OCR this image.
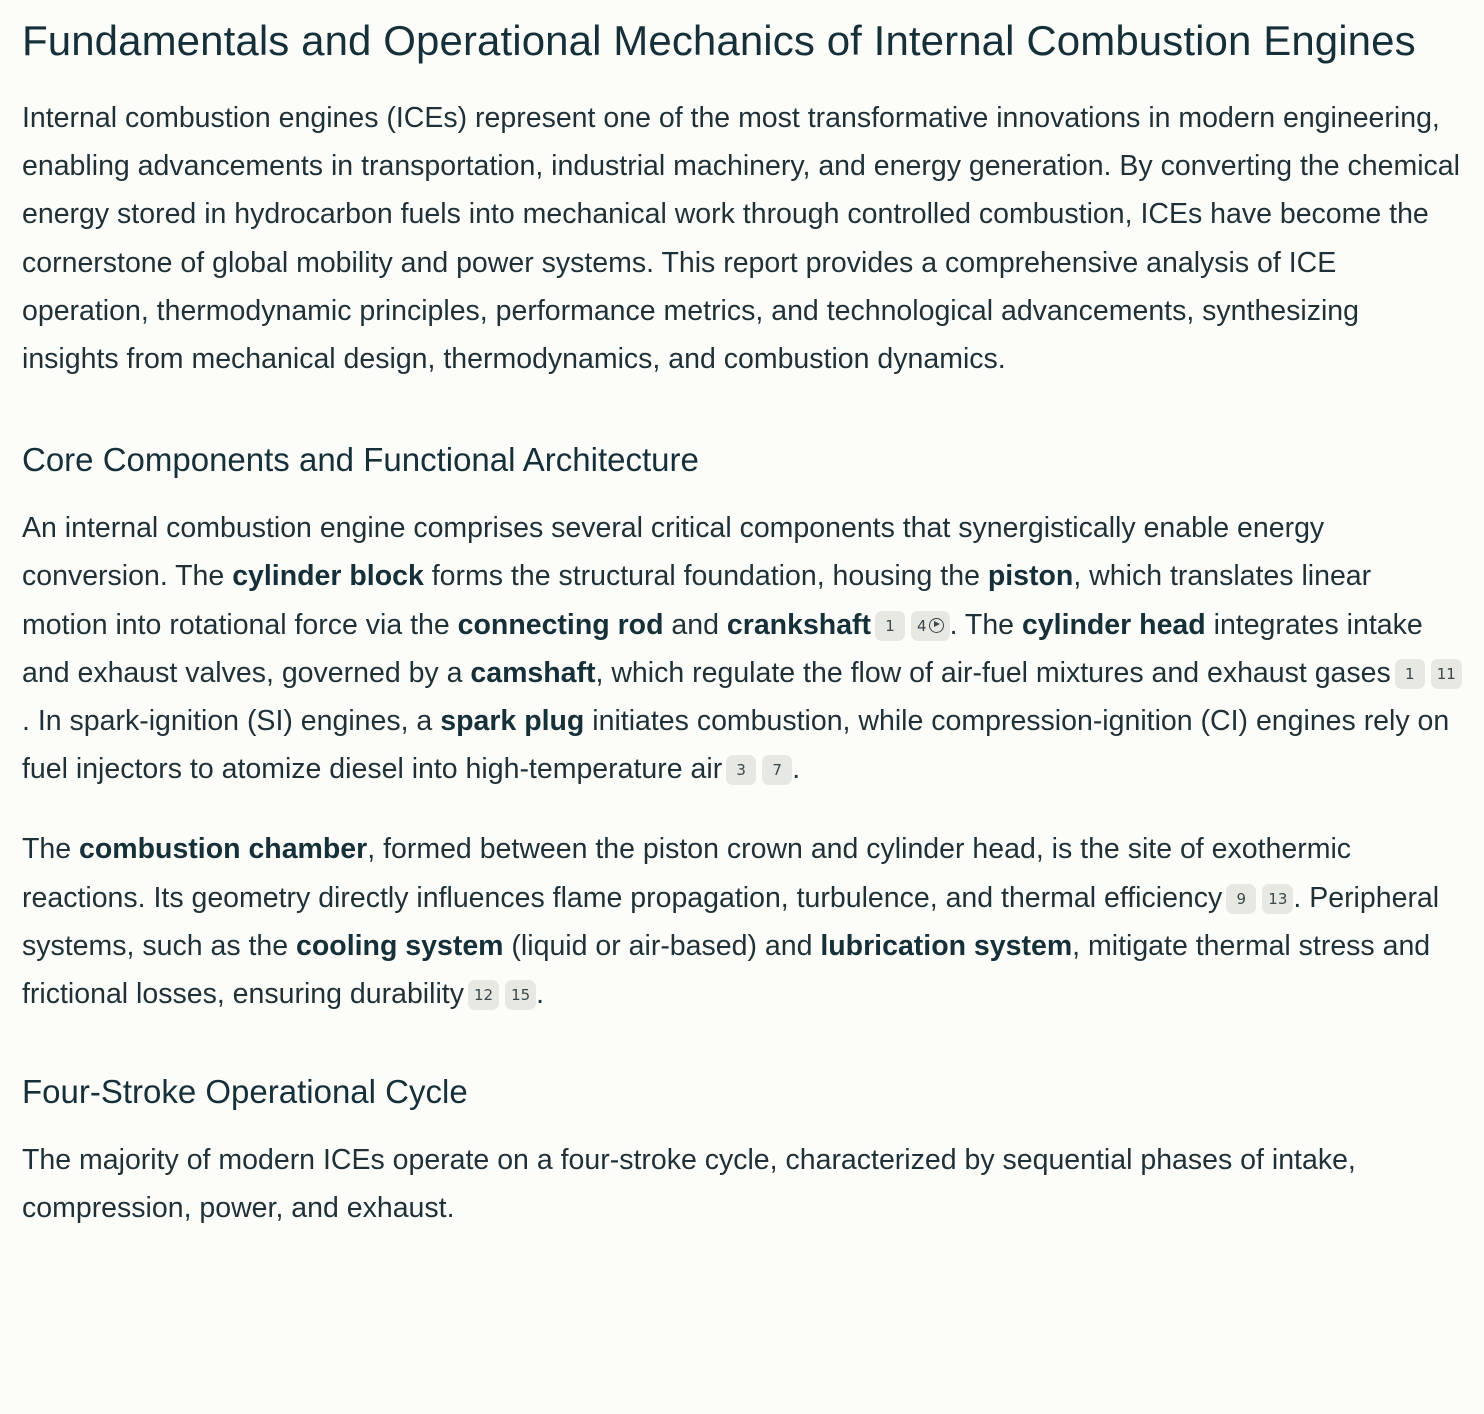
Fundamentals and Operational Mechanics of Internal Combustion Engines

Internal combustion engines (ICEs) represent one of the most transformative innovations in modern engineering, enabling advancements in transportation, industrial machinery, and energy generation. By converting the chemical energy stored in hydrocarbon fuels into mechanical work through controlled combustion, ICEs have become the cornerstone of global mobility and power systems. This report provides a comprehensive analysis of ICE operation, thermodynamic principles, performance metrics, and technological advancements, synthesizing insights from mechanical design, thermodynamics, and combustion dynamics.

Core Components and Functional Architecture

An internal combustion engine comprises several critical components that synergistically enable energy conversion. The cylinder block forms the structural foundation, housing the piston, which translates linear motion into rotational force via the connecting rod and crankshaft 1 4 . The cylinder head integrates intake and exhaust valves, governed by a camshaft, which regulate the flow of air-fuel mixtures and exhaust gases 1 11. In spark-ignition (SI) engines, a spark plug initiates combustion, while compression-ignition (CI) engines rely on fuel injectors to atomize diesel into high-temperature air 3 7 .

The combustion chamber, formed between the piston crown and cylinder head, is the site of exothermic reactions. Its geometry directly influences flame propagation, turbulence, and thermal efficiency 9 13 . Peripheral systems, such as the cooling system (liquid or air-based) and lubrication system, mitigate thermal stress and frictional losses, ensuring durability 12 15 .

Four-Stroke Operational Cycle

The majority of modern ICEs operate on a four-stroke cycle, characterized by sequential phases of intake, compression, power, and exhaust.
